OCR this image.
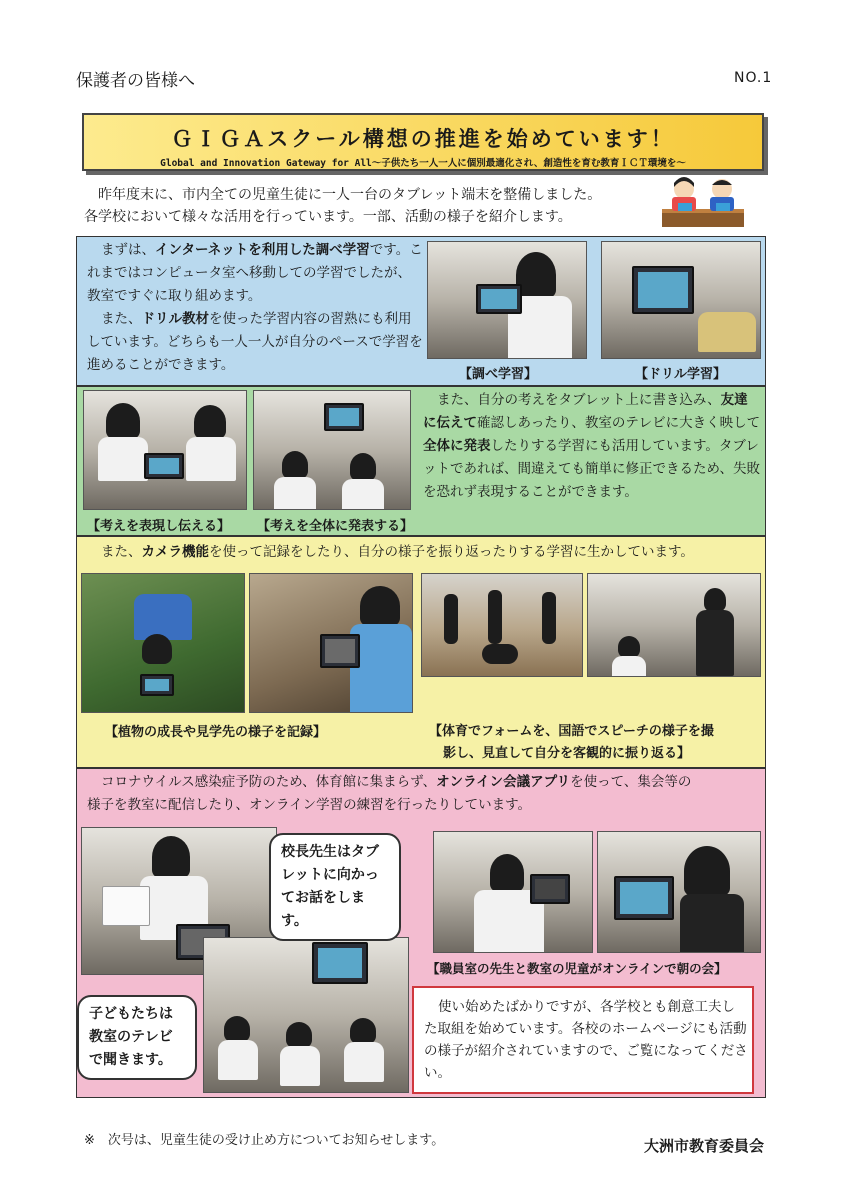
保護者の皆様へ	NO.1
ＧＩＧＡスクール構想の推進を始めています！
Global and Innovation Gateway for All～子供たち一人一人に個別最適化され、創造性を育む教育ＩＣＴ環境を～
昨年度末に、市内全ての児童生徒に一人一台のタブレット端末を整備しました。
各学校において様々な活用を行っています。一部、活動の様子を紹介します。
まずは、インターネットを利用した調べ学習です。これまではコンピュータ室へ移動しての学習でしたが、教室ですぐに取り組めます。
また、ドリル教材を使った学習内容の習熟にも利用しています。どちらも一人一人が自分のペースで学習を進めることができます。
【調べ学習】	【ドリル学習】
【考えを表現し伝える】 【考えを全体に発表する】
また、自分の考えをタブレット上に書き込み、友達に伝えて確認しあったり、教室のテレビに大きく映して全体に発表したりする学習にも活用しています。タブレットであれば、間違えても簡単に修正できるため、失敗を恐れず表現することができます。
また、カメラ機能を使って記録をしたり、自分の様子を振り返ったりする学習に生かしています。
【植物の成長や見学先の様子を記録】	【体育でフォームを、国語でスピーチの様子を撮
影し、見直して自分を客観的に振り返る】
コロナウイルス感染症予防のため、体育館に集まらず、オンライン会議アプリを使って、集会等の
様子を教室に配信したり、オンライン学習の練習を行ったりしています。
校長先生はタブ
レットに向かっ
てお話をします。
子どもたちは
教室のテレビ
で聞きます。
【職員室の先生と教室の児童がオンラインで朝の会】
使い始めたばかりですが、各学校とも創意工夫した取組を始めています。各校のホームページにも活動の様子が紹介されていますので、ご覧になってください。
※　次号は、児童生徒の受け止め方についてお知らせします。	大洲市教育委員会
